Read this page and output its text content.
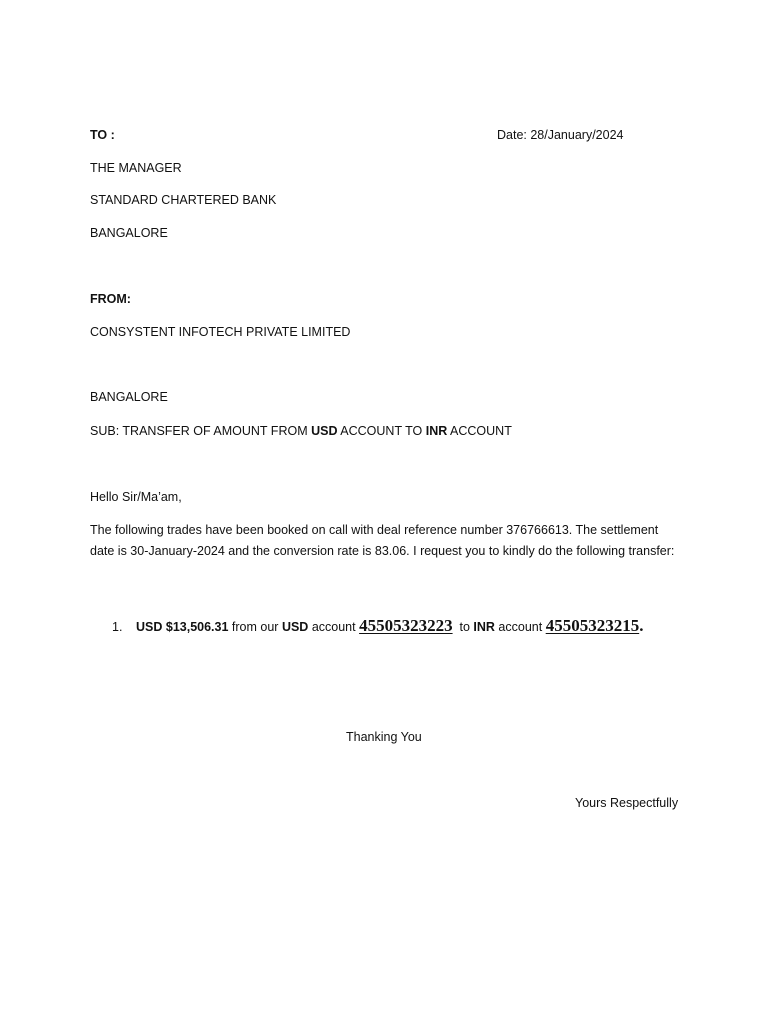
TO :	Date: 28/January/2024
THE MANAGER
STANDARD CHARTERED BANK
BANGALORE
FROM:
CONSYSTENT INFOTECH PRIVATE LIMITED
BANGALORE
SUB: TRANSFER OF AMOUNT FROM USD ACCOUNT TO INR ACCOUNT
Hello Sir/Ma’am,
The following trades have been booked on call with deal reference number 376766613. The settlement date is 30-January-2024 and the conversion rate is 83.06. I request you to kindly do the following transfer:
1. USD $13,506.31 from our USD account 45505323223  to INR account 45505323215.
Thanking You
Yours Respectfully
